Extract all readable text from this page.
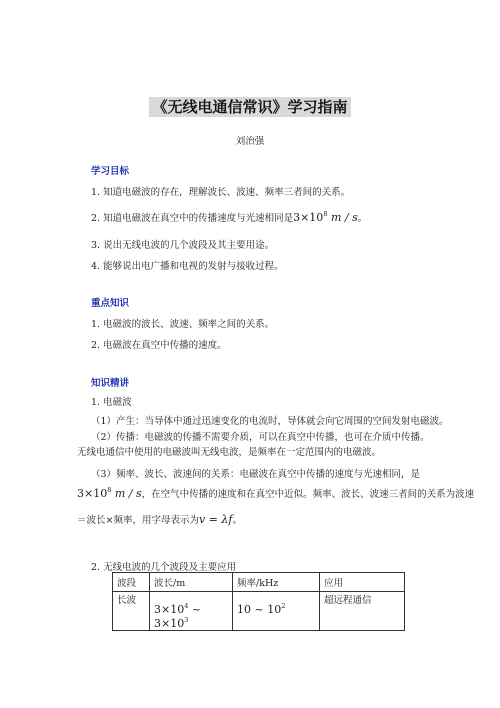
《无线电通信常识》学习指南
刘治强
学习目标
1. 知道电磁波的存在，理解波长、波速、频率三者间的关系。
2. 知道电磁波在真空中的传播速度与光速相同是$3\times 10^8$ m / s。
3. 说出无线电波的几个波段及其主要用途。
4. 能够说出电广播和电视的发射与接收过程。
重点知识
1. 电磁波的波长、波速、频率之间的关系。
2. 电磁波在真空中传播的速度。
知识精讲
1. 电磁波
（1）产生：当导体中通过迅速变化的电流时，导体就会向它周围的空间发射电磁波。
（2）传播：电磁波的传播不需要介质，可以在真空中传播，也可在介质中传播。无线电通信中使用的电磁波叫无线电波，是频率在一定范围内的电磁波。
（3）频率、波长、波速间的关系：电磁波在真空中传播的速度与光速相同，是
$3\times 10^8$ m / s，在空气中传播的速度和在真空中近似。频率、波长、波速三者间的关系为波速
＝波长×频率，用字母表示为v = λf。
2. 无线电波的几个波段及主要应用
波段	波长/m	频率/kHz	应用
长波	$3\times 10^4$ ~ $3\times 10^3$	10 ~ $10^2$	超远程通信
